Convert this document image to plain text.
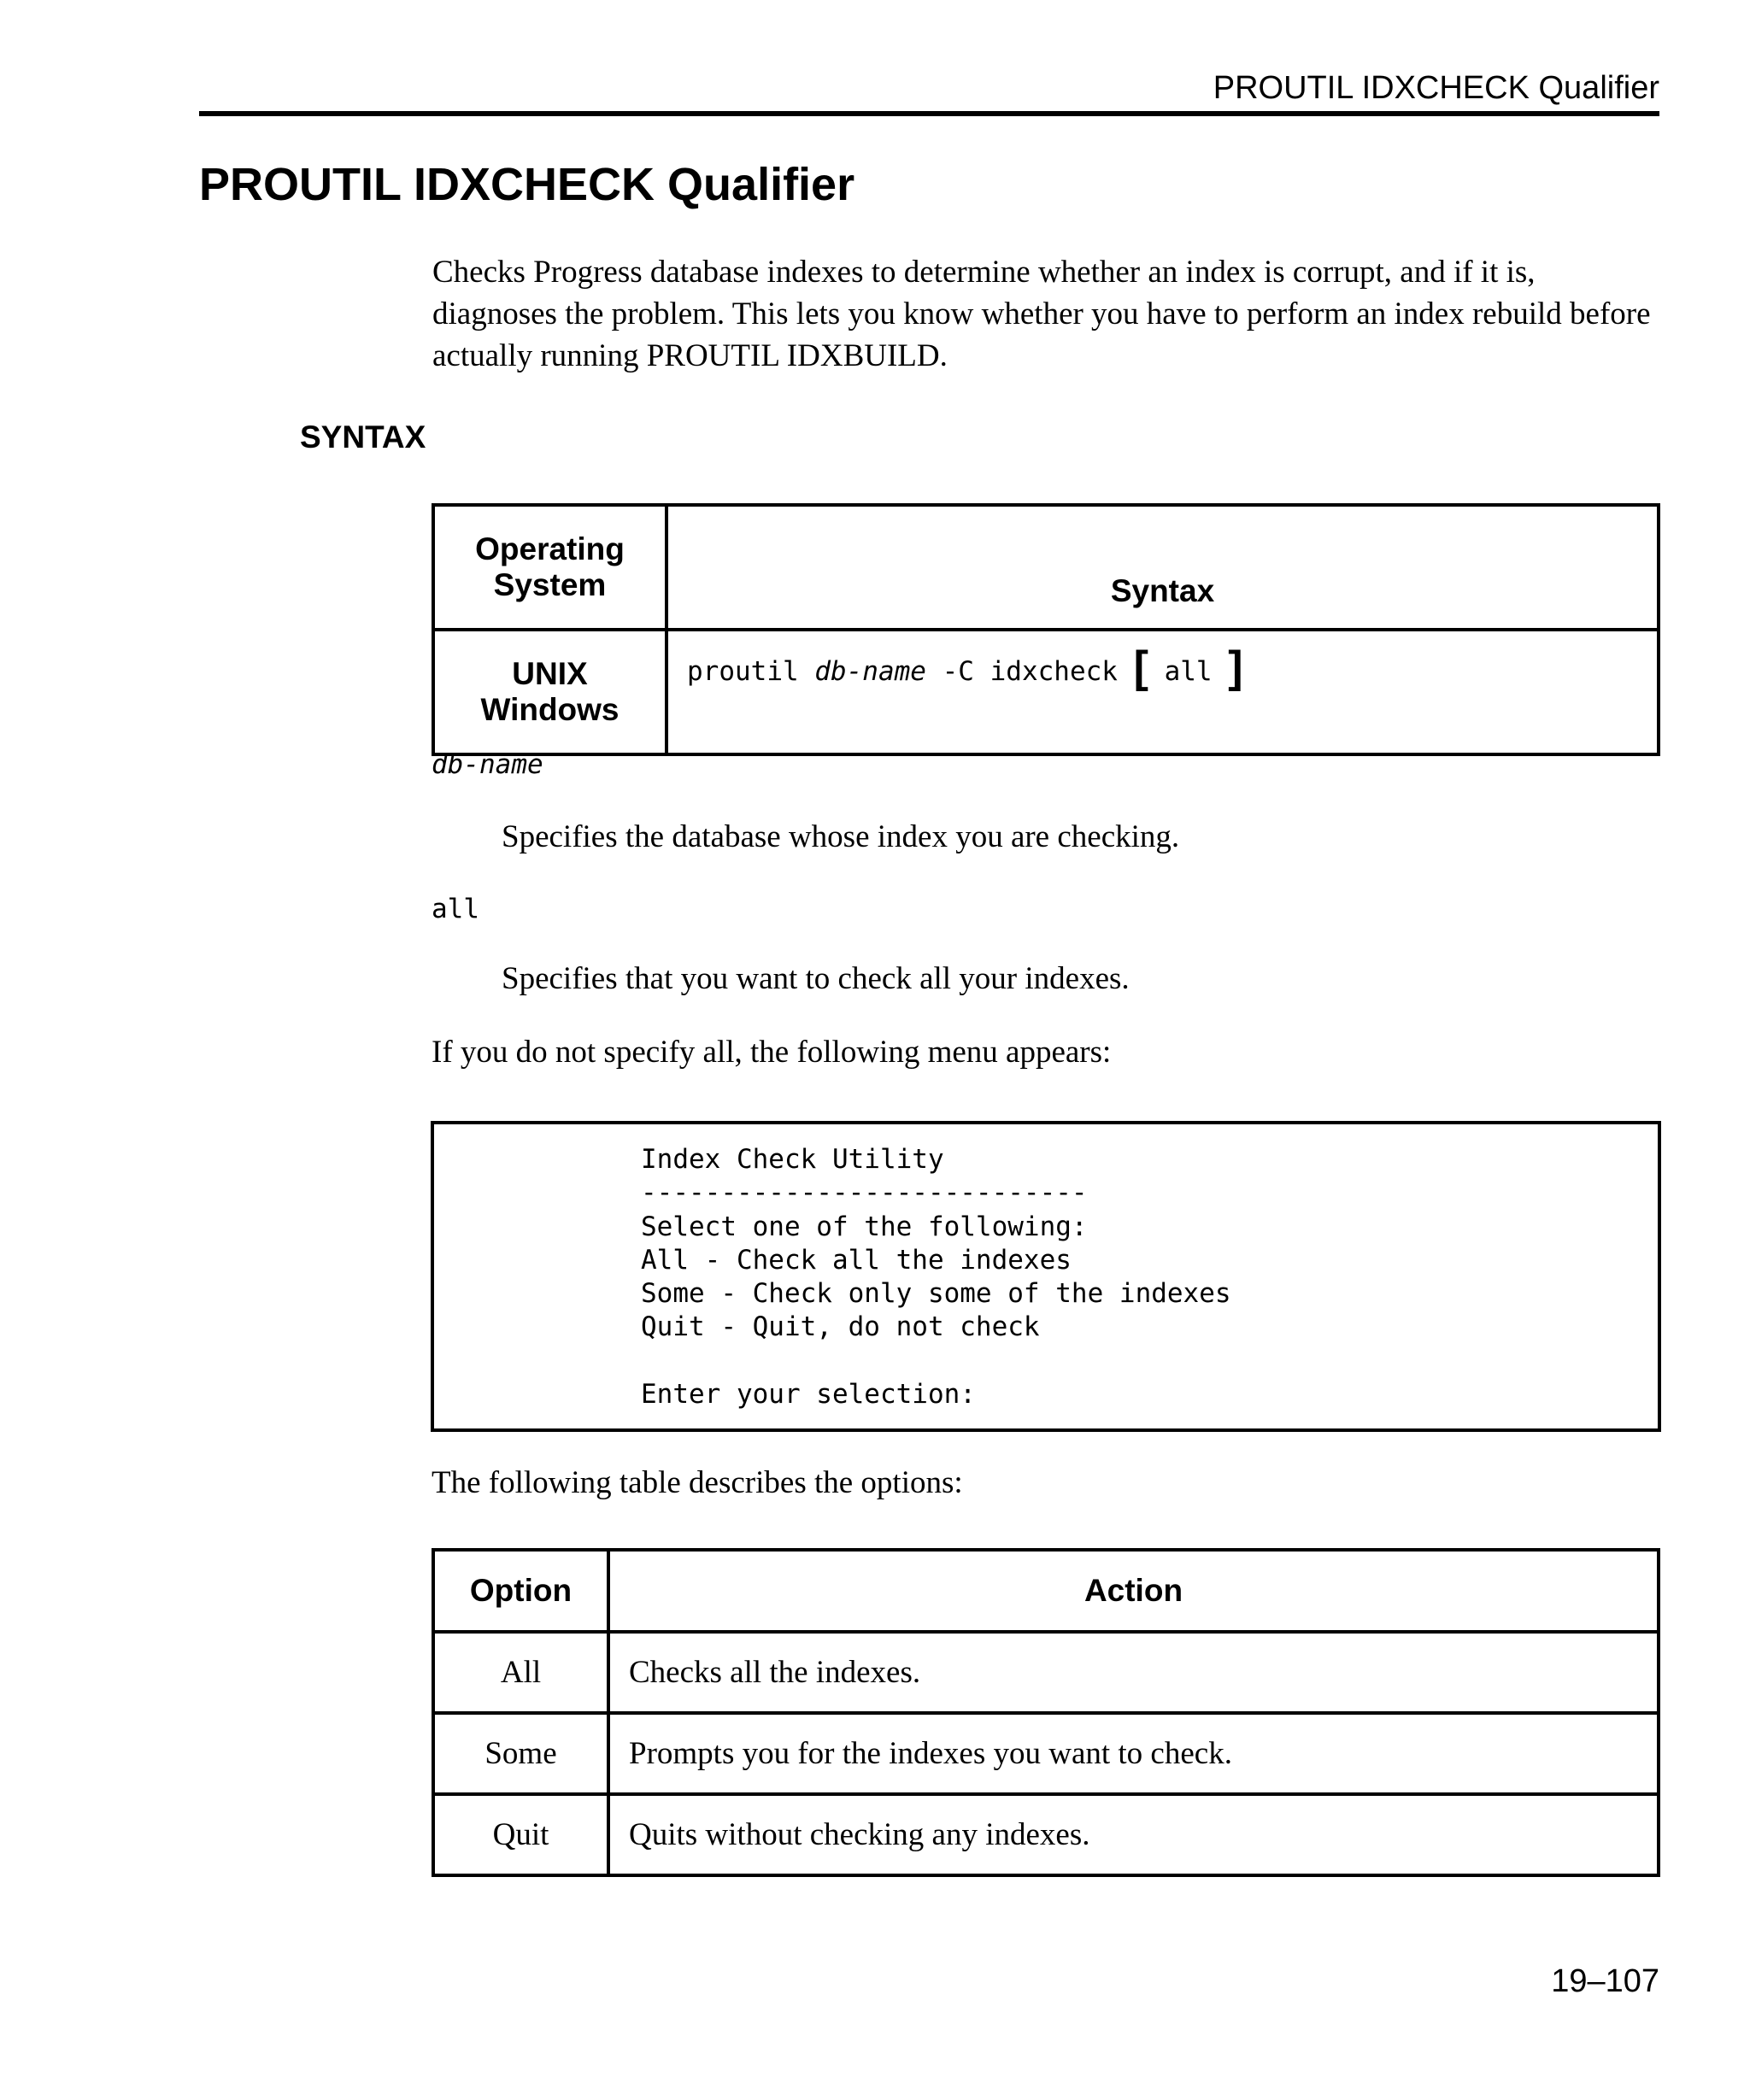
PROUTIL IDXCHECK Qualifier
PROUTIL IDXCHECK Qualifier

Checks Progress database indexes to determine whether an index is corrupt, and if it is, diagnoses the problem. This lets you know whether you have to perform an index rebuild before actually running PROUTIL IDXBUILD.

SYNTAX
Operating System	Syntax

UNIX
Windows	proutil db-name -C idxcheck [ all ]
db-name
Specifies the database whose index you are checking.
all
Specifies that you want to check all your indexes.
If you do not specify all, the following menu appears:
Index Check Utility
----------------------------
Select one of the following:
All - Check all the indexes
Some - Check only some of the indexes
Quit - Quit, do not check

Enter your selection:
The following table describes the options:
Option	Action
All	Checks all the indexes.
Some	Prompts you for the indexes you want to check.
Quit	Quits without checking any indexes.
19–107
